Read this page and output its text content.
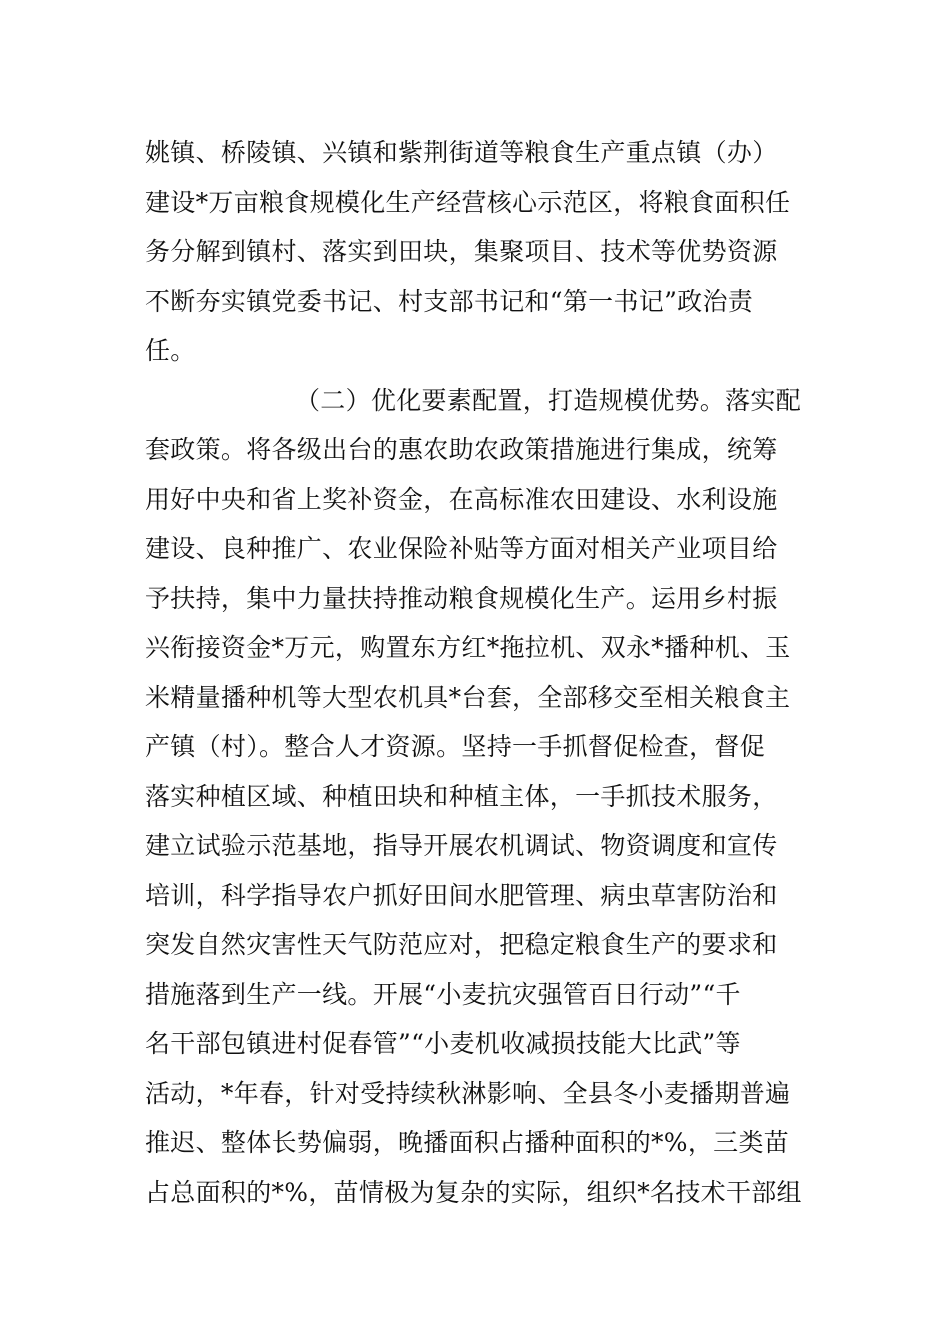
姚镇、桥陵镇、兴镇和紫荆街道等粮食生产重点镇（办）
建设*万亩粮食规模化生产经营核心示范区，将粮食面积任
务分解到镇村、落实到田块，集聚项目、技术等优势资源
不断夯实镇党委书记、村支部书记和“第一书记”政治责
任。
（二）优化要素配置，打造规模优势。落实配
套政策。将各级出台的惠农助农政策措施进行集成，统筹
用好中央和省上奖补资金，在高标准农田建设、水利设施
建设、良种推广、农业保险补贴等方面对相关产业项目给
予扶持，集中力量扶持推动粮食规模化生产。运用乡村振
兴衔接资金*万元，购置东方红*拖拉机、双永*播种机、玉
米精量播种机等大型农机具*台套，全部移交至相关粮食主
产镇（村）。整合人才资源。坚持一手抓督促检查，督促
落实种植区域、种植田块和种植主体，一手抓技术服务，
建立试验示范基地，指导开展农机调试、物资调度和宣传
培训，科学指导农户抓好田间水肥管理、病虫草害防治和
突发自然灾害性天气防范应对，把稳定粮食生产的要求和
措施落到生产一线。开展“小麦抗灾强管百日行动”“千
名干部包镇进村促春管”“小麦机收减损技能大比武”等
活动，*年春，针对受持续秋淋影响、全县冬小麦播期普遍
推迟、整体长势偏弱，晚播面积占播种面积的*%，三类苗
占总面积的*%，苗情极为复杂的实际，组织*名技术干部组
